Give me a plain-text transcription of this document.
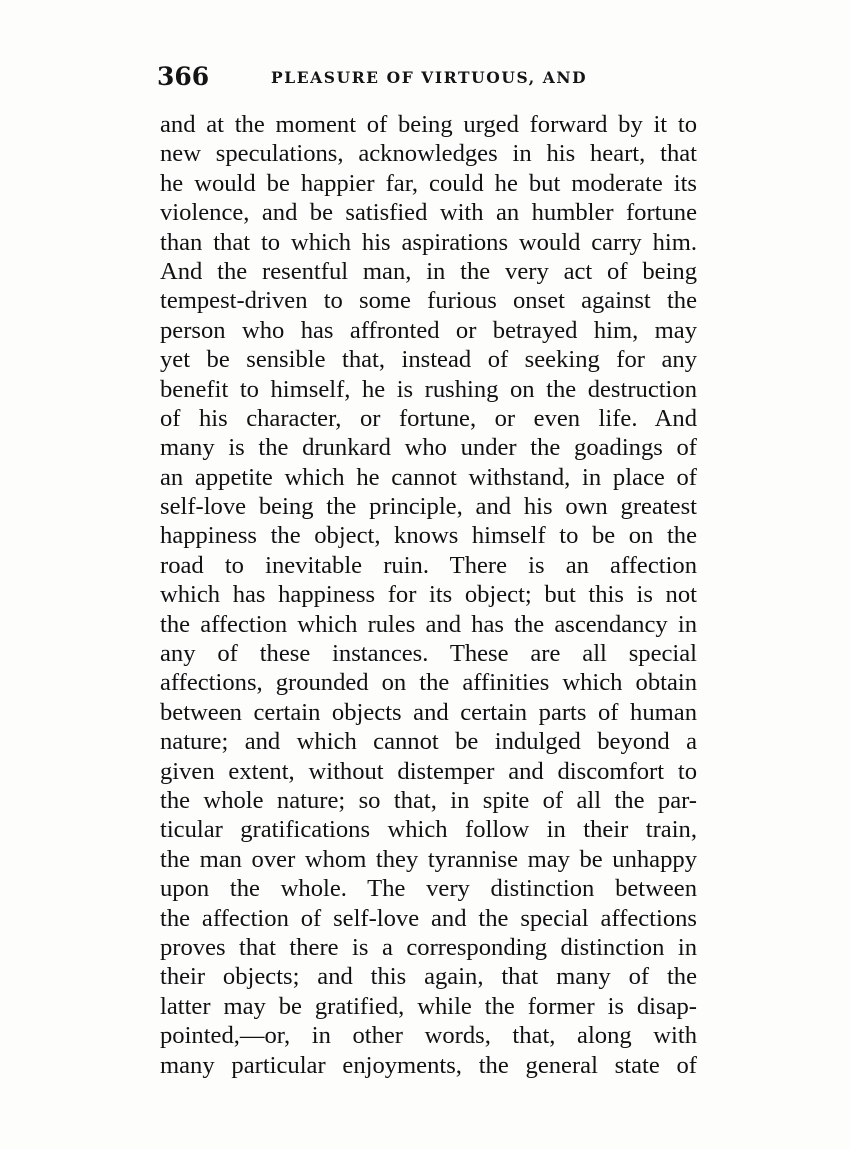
366	PLEASURE OF VIRTUOUS, AND
and at the moment of being urged forward by it to
new speculations, acknowledges in his heart, that
he would be happier far, could he but moderate its
violence, and be satisfied with an humbler fortune
than that to which his aspirations would carry him.
And the resentful man, in the very act of being
tempest-driven to some furious onset against the
person who has affronted or betrayed him, may
yet be sensible that, instead of seeking for any
benefit to himself, he is rushing on the destruction
of his character, or fortune, or even life. And
many is the drunkard who under the goadings of
an appetite which he cannot withstand, in place of
self-love being the principle, and his own greatest
happiness the object, knows himself to be on the
road to inevitable ruin. There is an affection
which has happiness for its object; but this is not
the affection which rules and has the ascendancy in
any of these instances. These are all special
affections, grounded on the affinities which obtain
between certain objects and certain parts of human
nature; and which cannot be indulged beyond a
given extent, without distemper and discomfort to
the whole nature; so that, in spite of all the par-
ticular gratifications which follow in their train,
the man over whom they tyrannise may be unhappy
upon the whole. The very distinction between
the affection of self-love and the special affections
proves that there is a corresponding distinction in
their objects; and this again, that many of the
latter may be gratified, while the former is disap-
pointed,—or, in other words, that, along with
many particular enjoyments, the general state of
